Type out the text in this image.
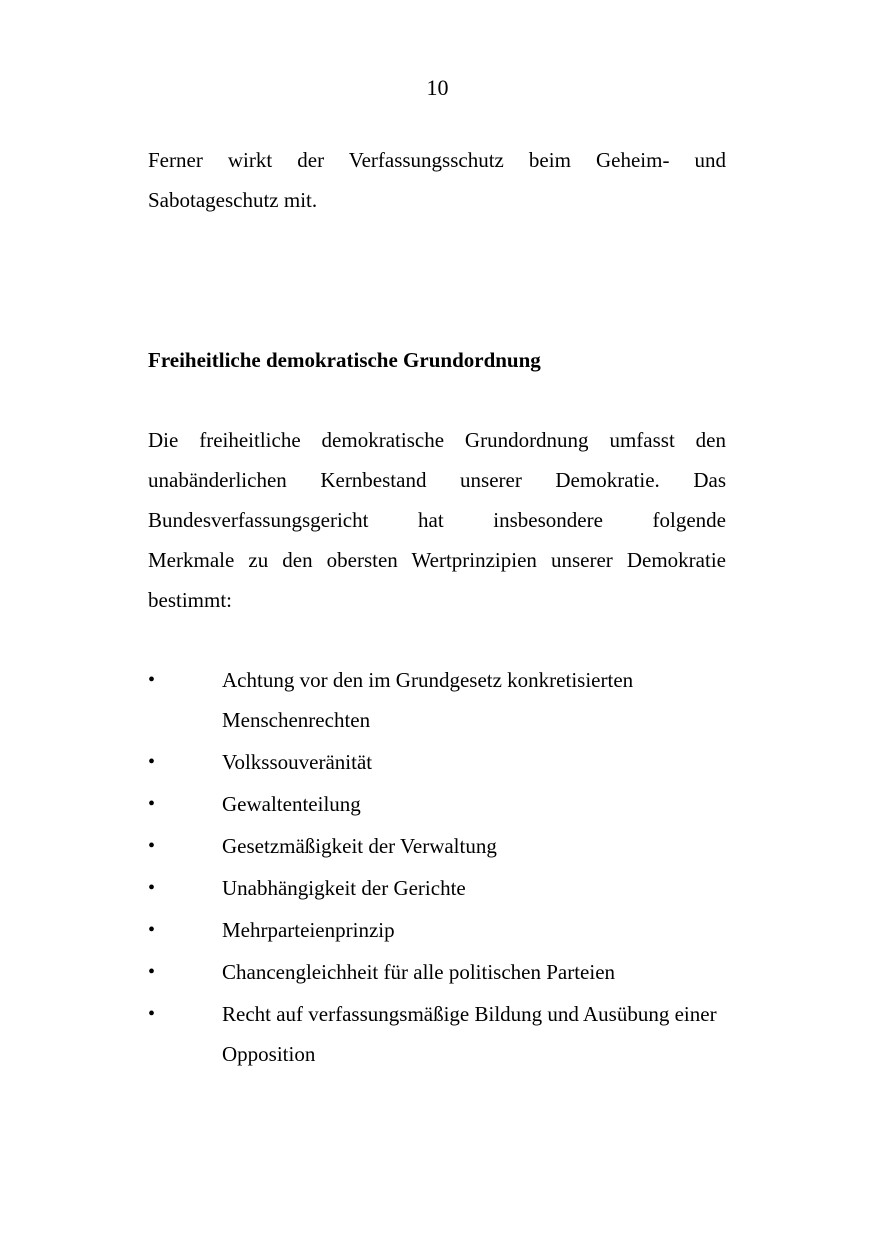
10
Ferner wirkt der Verfassungsschutz beim Geheim- und
Sabotageschutz mit.
Freiheitliche demokratische Grundordnung
Die freiheitliche demokratische Grundordnung umfasst den
unabänderlichen Kernbestand unserer Demokratie. Das
Bundesverfassungsgericht hat insbesondere folgende
Merkmale zu den obersten Wertprinzipien unserer Demokratie
bestimmt:
•	Achtung vor den im Grundgesetz konkretisierten Menschenrechten
•	Volkssouveränität
•	Gewaltenteilung
•	Gesetzmäßigkeit der Verwaltung
•	Unabhängigkeit der Gerichte
•	Mehrparteienprinzip
•	Chancengleichheit für alle politischen Parteien
•	Recht auf verfassungsmäßige Bildung und Ausübung einer Opposition
